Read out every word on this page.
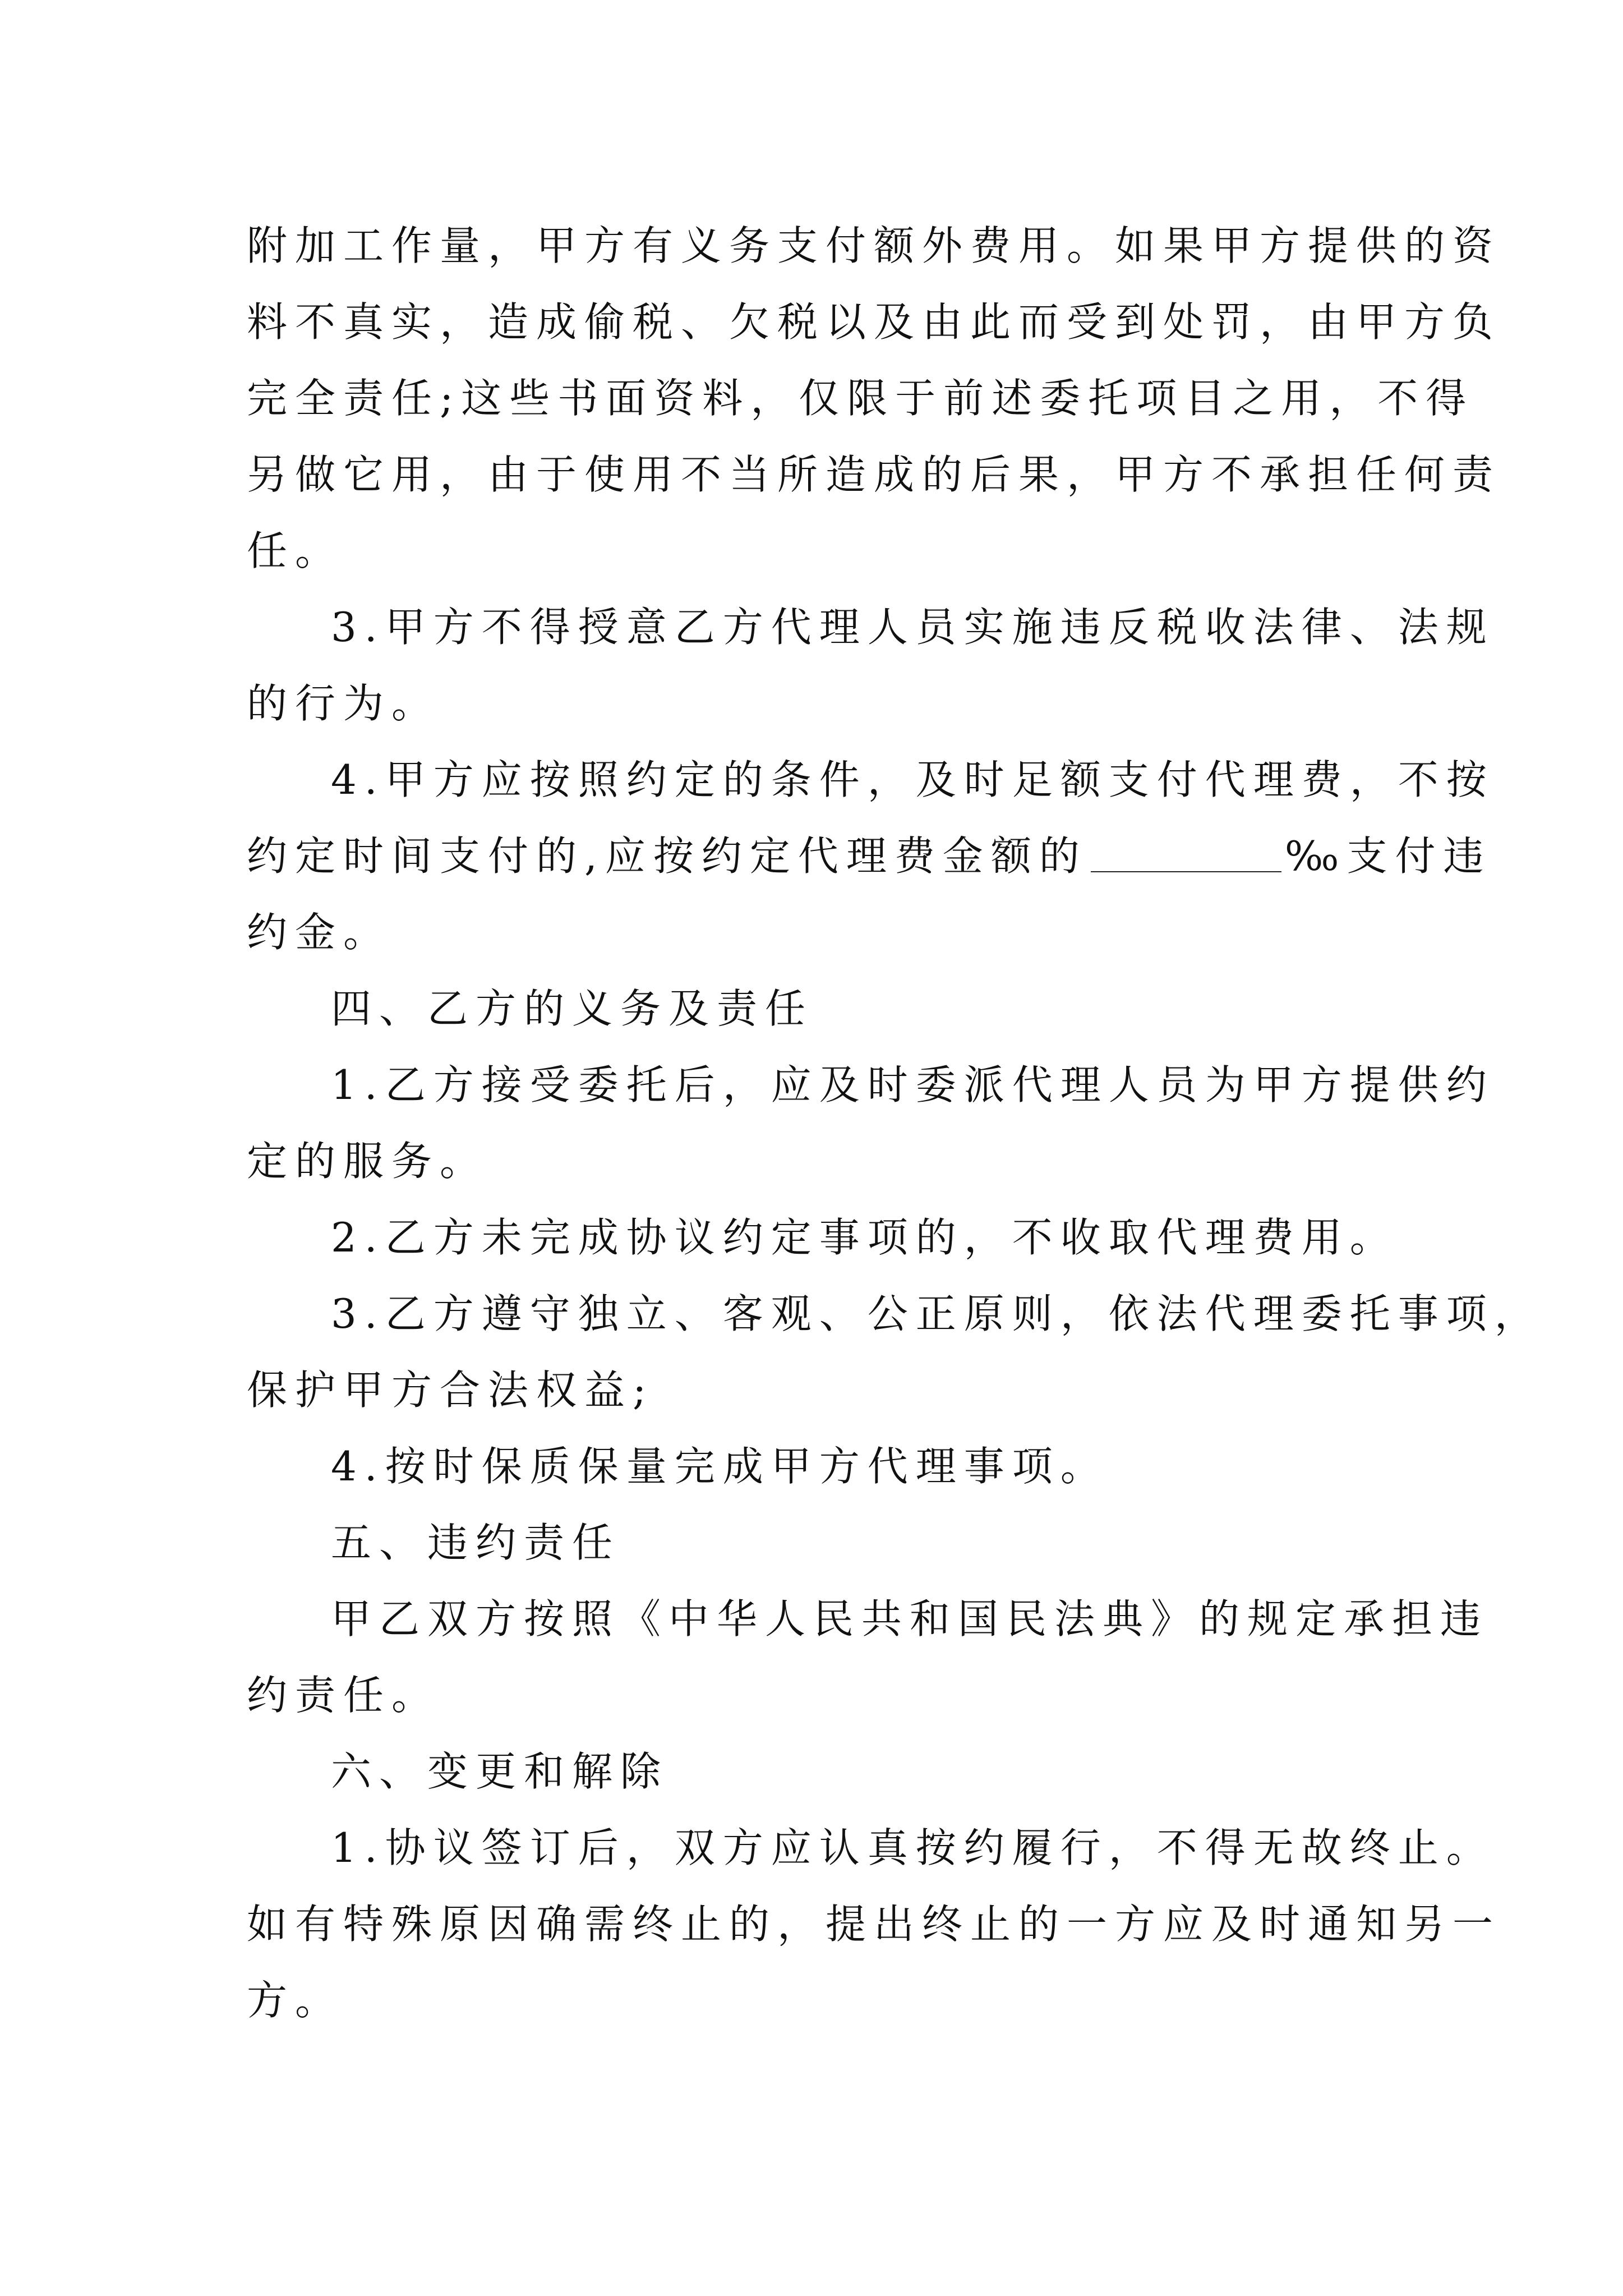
附加工作量，甲方有义务支付额外费用。如果甲方提供的资
料不真实，造成偷税、欠税以及由此而受到处罚，由甲方负
完全责任;这些书面资料，仅限于前述委托项目之用，不得
另做它用，由于使用不当所造成的后果，甲方不承担任何责
任。
3.甲方不得授意乙方代理人员实施违反税收法律、法规
的行为。
4.甲方应按照约定的条件，及时足额支付代理费，不按
约定时间支付的,应按约定代理费金额的	‰支付违
约金。
四、乙方的义务及责任
1.乙方接受委托后，应及时委派代理人员为甲方提供约
定的服务。
2.乙方未完成协议约定事项的，不收取代理费用。
3.乙方遵守独立、客观、公正原则，依法代理委托事项，
保护甲方合法权益;
4.按时保质保量完成甲方代理事项。
五、违约责任
甲乙双方按照《中华人民共和国民法典》的规定承担违
约责任。
六、变更和解除
1.协议签订后，双方应认真按约履行，不得无故终止。
如有特殊原因确需终止的，提出终止的一方应及时通知另一
方。
